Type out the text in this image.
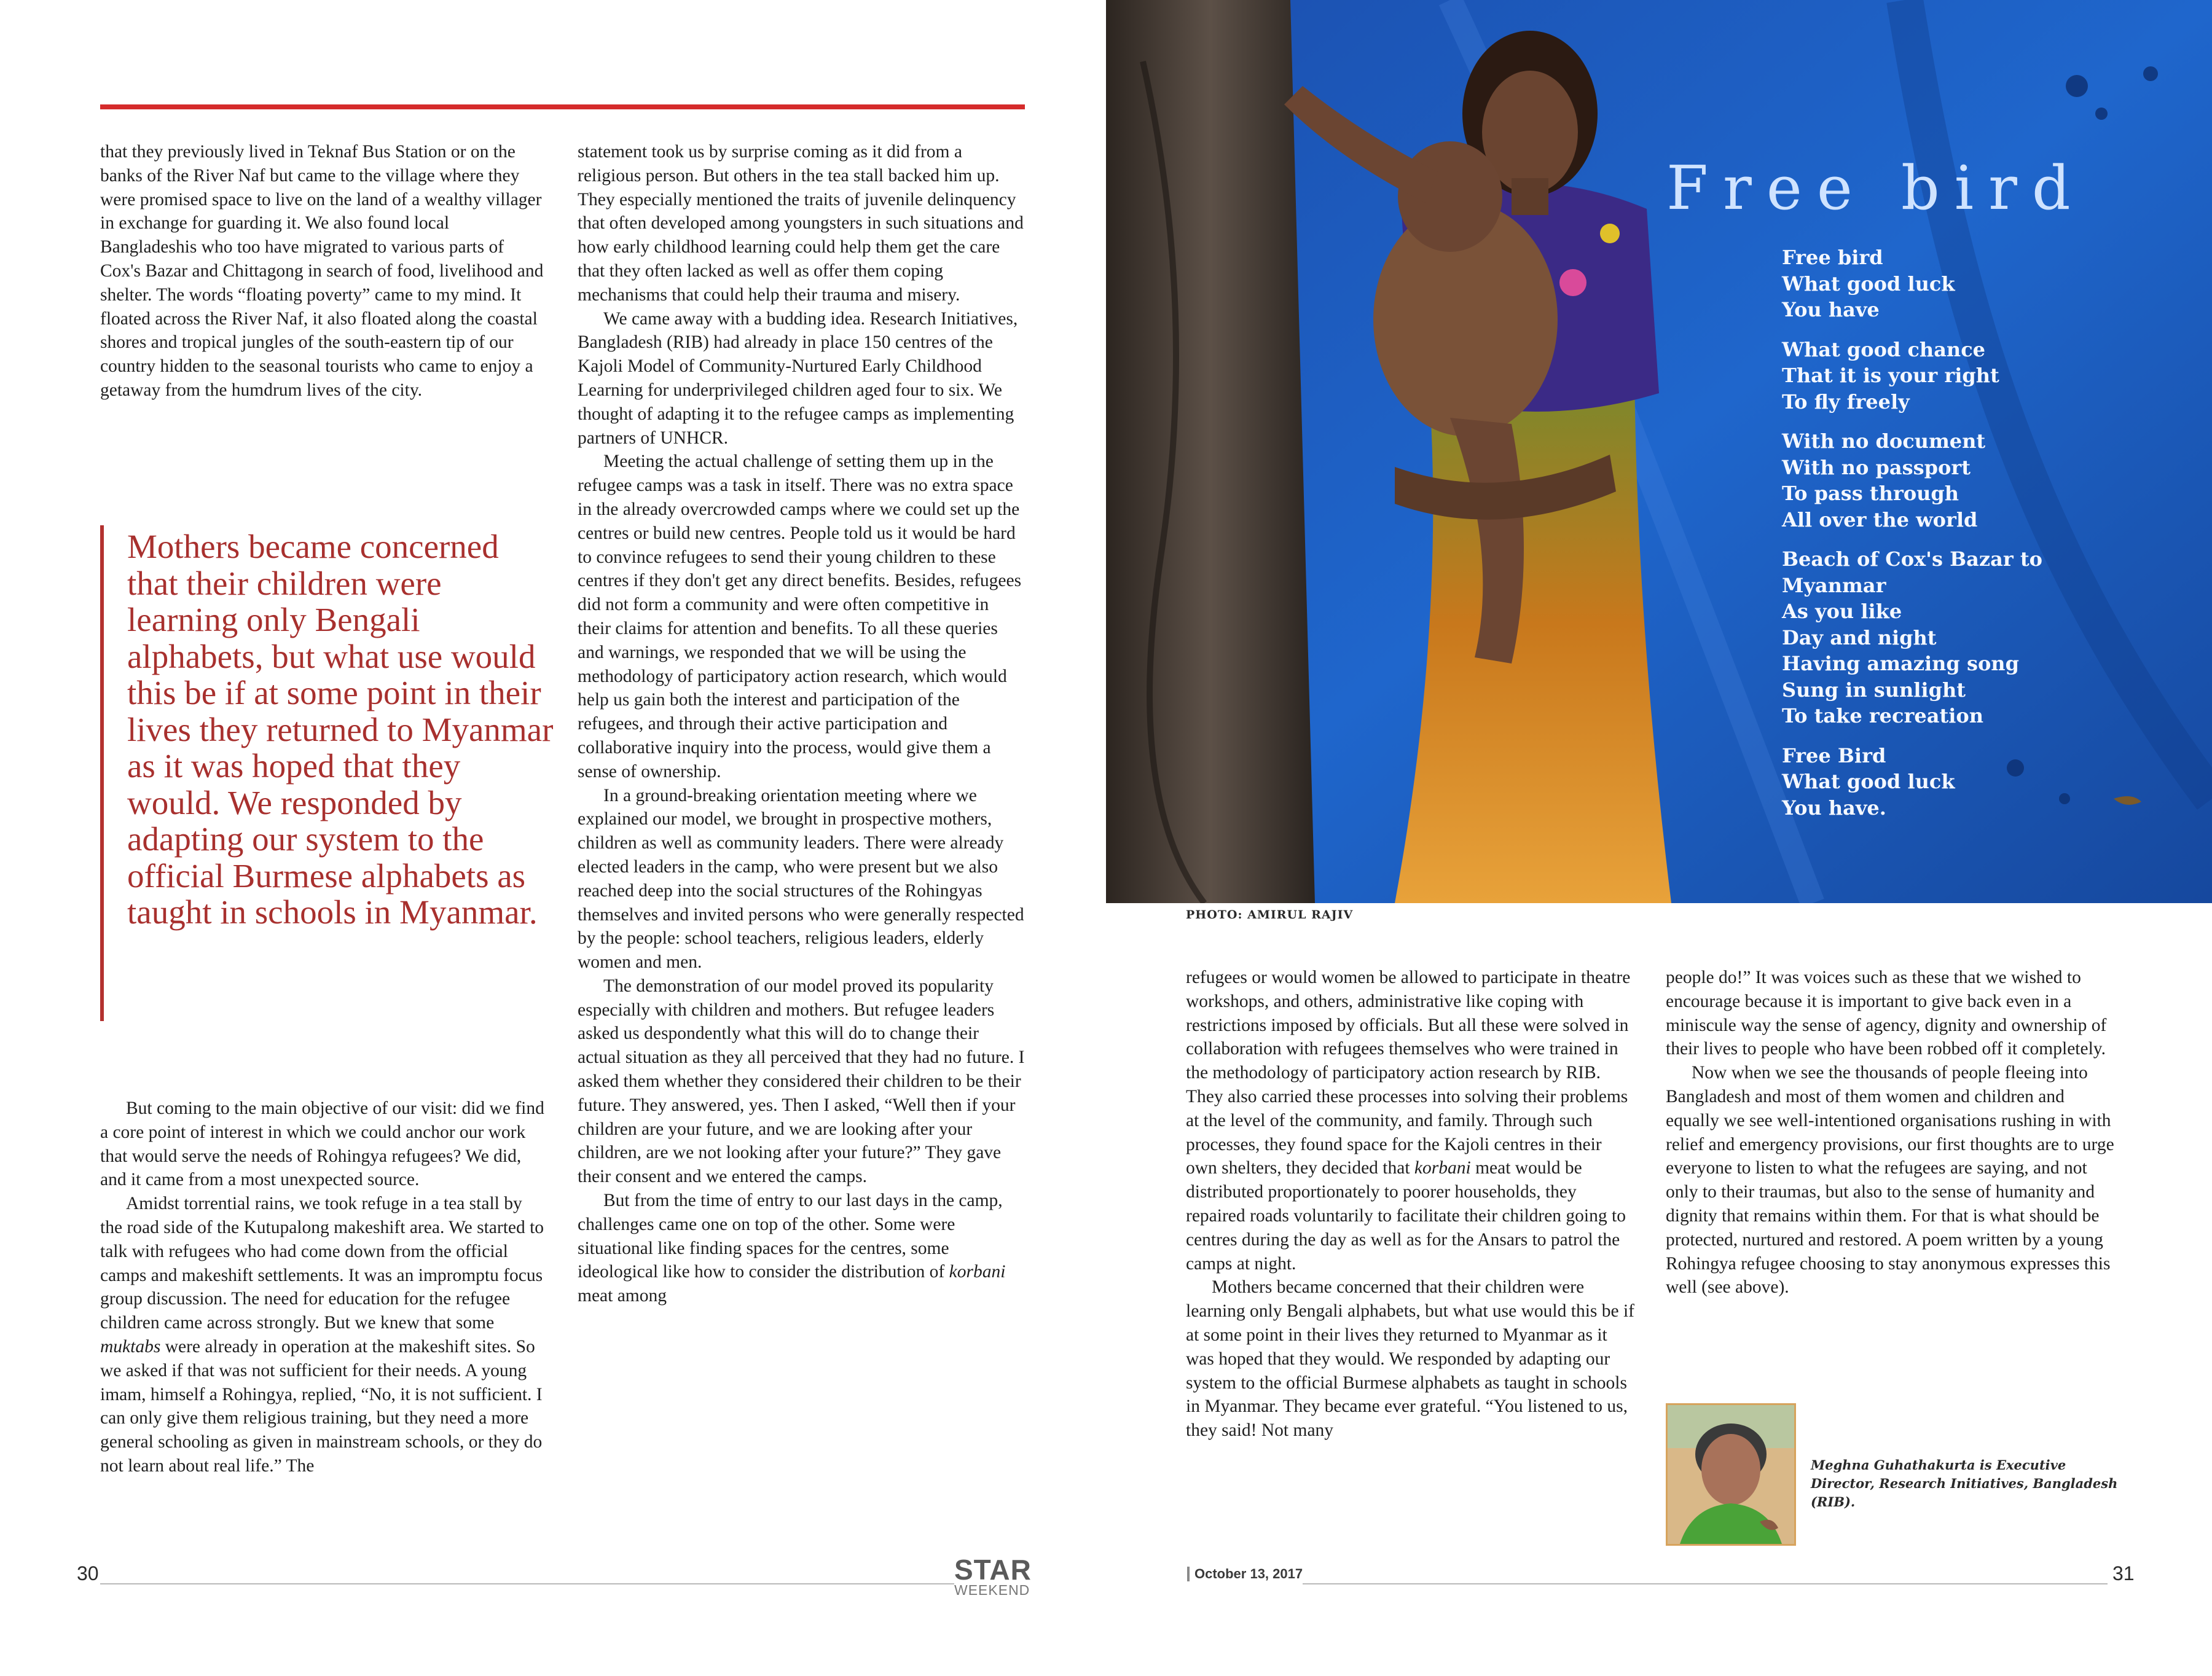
that they previously lived in Teknaf Bus Station or on the banks of the River Naf but came to the village where they were promised space to live on the land of a wealthy villager in exchange for guarding it. We also found local Bangladeshis who too have migrated to various parts of Cox's Bazar and Chittagong in search of food, livelihood and shelter. The words “floating poverty” came to my mind. It floated across the River Naf, it also floated along the coastal shores and tropical jungles of the south-eastern tip of our country hidden to the seasonal tourists who came to enjoy a getaway from the humdrum lives of the city.

Mothers became concerned that their children were learning only Bengali alphabets, but what use would this be if at some point in their lives they returned to Myanmar as it was hoped that they would. We responded by adapting our system to the official Burmese alphabets as taught in schools in Myanmar.

But coming to the main objective of our visit: did we find a core point of interest in which we could anchor our work that would serve the needs of Rohingya refugees? We did, and it came from a most unexpected source.

Amidst torrential rains, we took refuge in a tea stall by the road side of the Kutupalong makeshift area. We started to talk with refugees who had come down from the official camps and makeshift settlements. It was an impromptu focus group discussion. The need for education for the refugee children came across strongly. But we knew that some muktabs were already in operation at the makeshift sites. So we asked if that was not sufficient for their needs. A young imam, himself a Rohingya, replied, “No, it is not sufficient. I can only give them religious training, but they need a more general schooling as given in mainstream schools, or they do not learn about real life.” The

statement took us by surprise coming as it did from a religious person. But others in the tea stall backed him up. They especially mentioned the traits of juvenile delinquency that often developed among youngsters in such situations and how early childhood learning could help them get the care that they often lacked as well as offer them coping mechanisms that could help their trauma and misery.

We came away with a budding idea. Research Initiatives, Bangladesh (RIB) had already in place 150 centres of the Kajoli Model of Community-Nurtured Early Childhood Learning for underprivileged children aged four to six. We thought of adapting it to the refugee camps as implementing partners of UNHCR.

Meeting the actual challenge of setting them up in the refugee camps was a task in itself. There was no extra space in the already overcrowded camps where we could set up the centres or build new centres. People told us it would be hard to convince refugees to send their young children to these centres if they don't get any direct benefits. Besides, refugees did not form a community and were often competitive in their claims for attention and benefits. To all these queries and warnings, we responded that we will be using the methodology of participatory action research, which would help us gain both the interest and participation of the refugees, and through their active participation and collaborative inquiry into the process, would give them a sense of ownership.

In a ground-breaking orientation meeting where we explained our model, we brought in prospective mothers, children as well as community leaders. There were already elected leaders in the camp, who were present but we also reached deep into the social structures of the Rohingyas themselves and invited persons who were generally respected by the people: school teachers, religious leaders, elderly women and men.

The demonstration of our model proved its popularity especially with children and mothers. But refugee leaders asked us despondently what this will do to change their actual situation as they all perceived that they had no future. I asked them whether they considered their children to be their future. They answered, yes. Then I asked, “Well then if your children are your future, and we are looking after your children, are we not looking after your future?” They gave their consent and we entered the camps.

But from the time of entry to our last days in the camp, challenges came one on top of the other. Some were situational like finding spaces for the centres, some ideological like how to consider the distribution of korbani meat among

30	STAR
WEEKEND
Free bird
Free bird
What good luck
You have
What good chance
That it is your right
To fly freely
With no document
With no passport
To pass through
All over the world
Beach of Cox's Bazar to
Myanmar
As you like
Day and night
Having amazing song
Sung in sunlight
To take recreation
Free Bird
What good luck
You have.
PHOTO: AMIRUL RAJIV

refugees or would women be allowed to participate in theatre workshops, and others, administrative like coping with restrictions imposed by officials. But all these were solved in collaboration with refugees themselves who were trained in the methodology of participatory action research by RIB. They also carried these processes into solving their problems at the level of the community, and family. Through such processes, they found space for the Kajoli centres in their own shelters, they decided that korbani meat would be distributed proportionately to poorer households, they repaired roads voluntarily to facilitate their children going to centres during the day as well as for the Ansars to patrol the camps at night.

Mothers became concerned that their children were learning only Bengali alphabets, but what use would this be if at some point in their lives they returned to Myanmar as it was hoped that they would. We responded by adapting our system to the official Burmese alphabets as taught in schools in Myanmar. They became ever grateful. “You listened to us, they said! Not many

people do!” It was voices such as these that we wished to encourage because it is important to give back even in a miniscule way the sense of agency, dignity and ownership of their lives to people who have been robbed off it completely.

Now when we see the thousands of people fleeing into Bangladesh and most of them women and children and equally we see well-intentioned organisations rushing in with relief and emergency provisions, our first thoughts are to urge everyone to listen to what the refugees are saying, and not only to their traumas, but also to the sense of humanity and dignity that remains within them. For that is what should be protected, nurtured and restored. A poem written by a young Rohingya refugee choosing to stay anonymous expresses this well (see above).

Meghna Guhathakurta is Executive Director, Research Initiatives, Bangladesh (RIB).
October 13, 2017	31
